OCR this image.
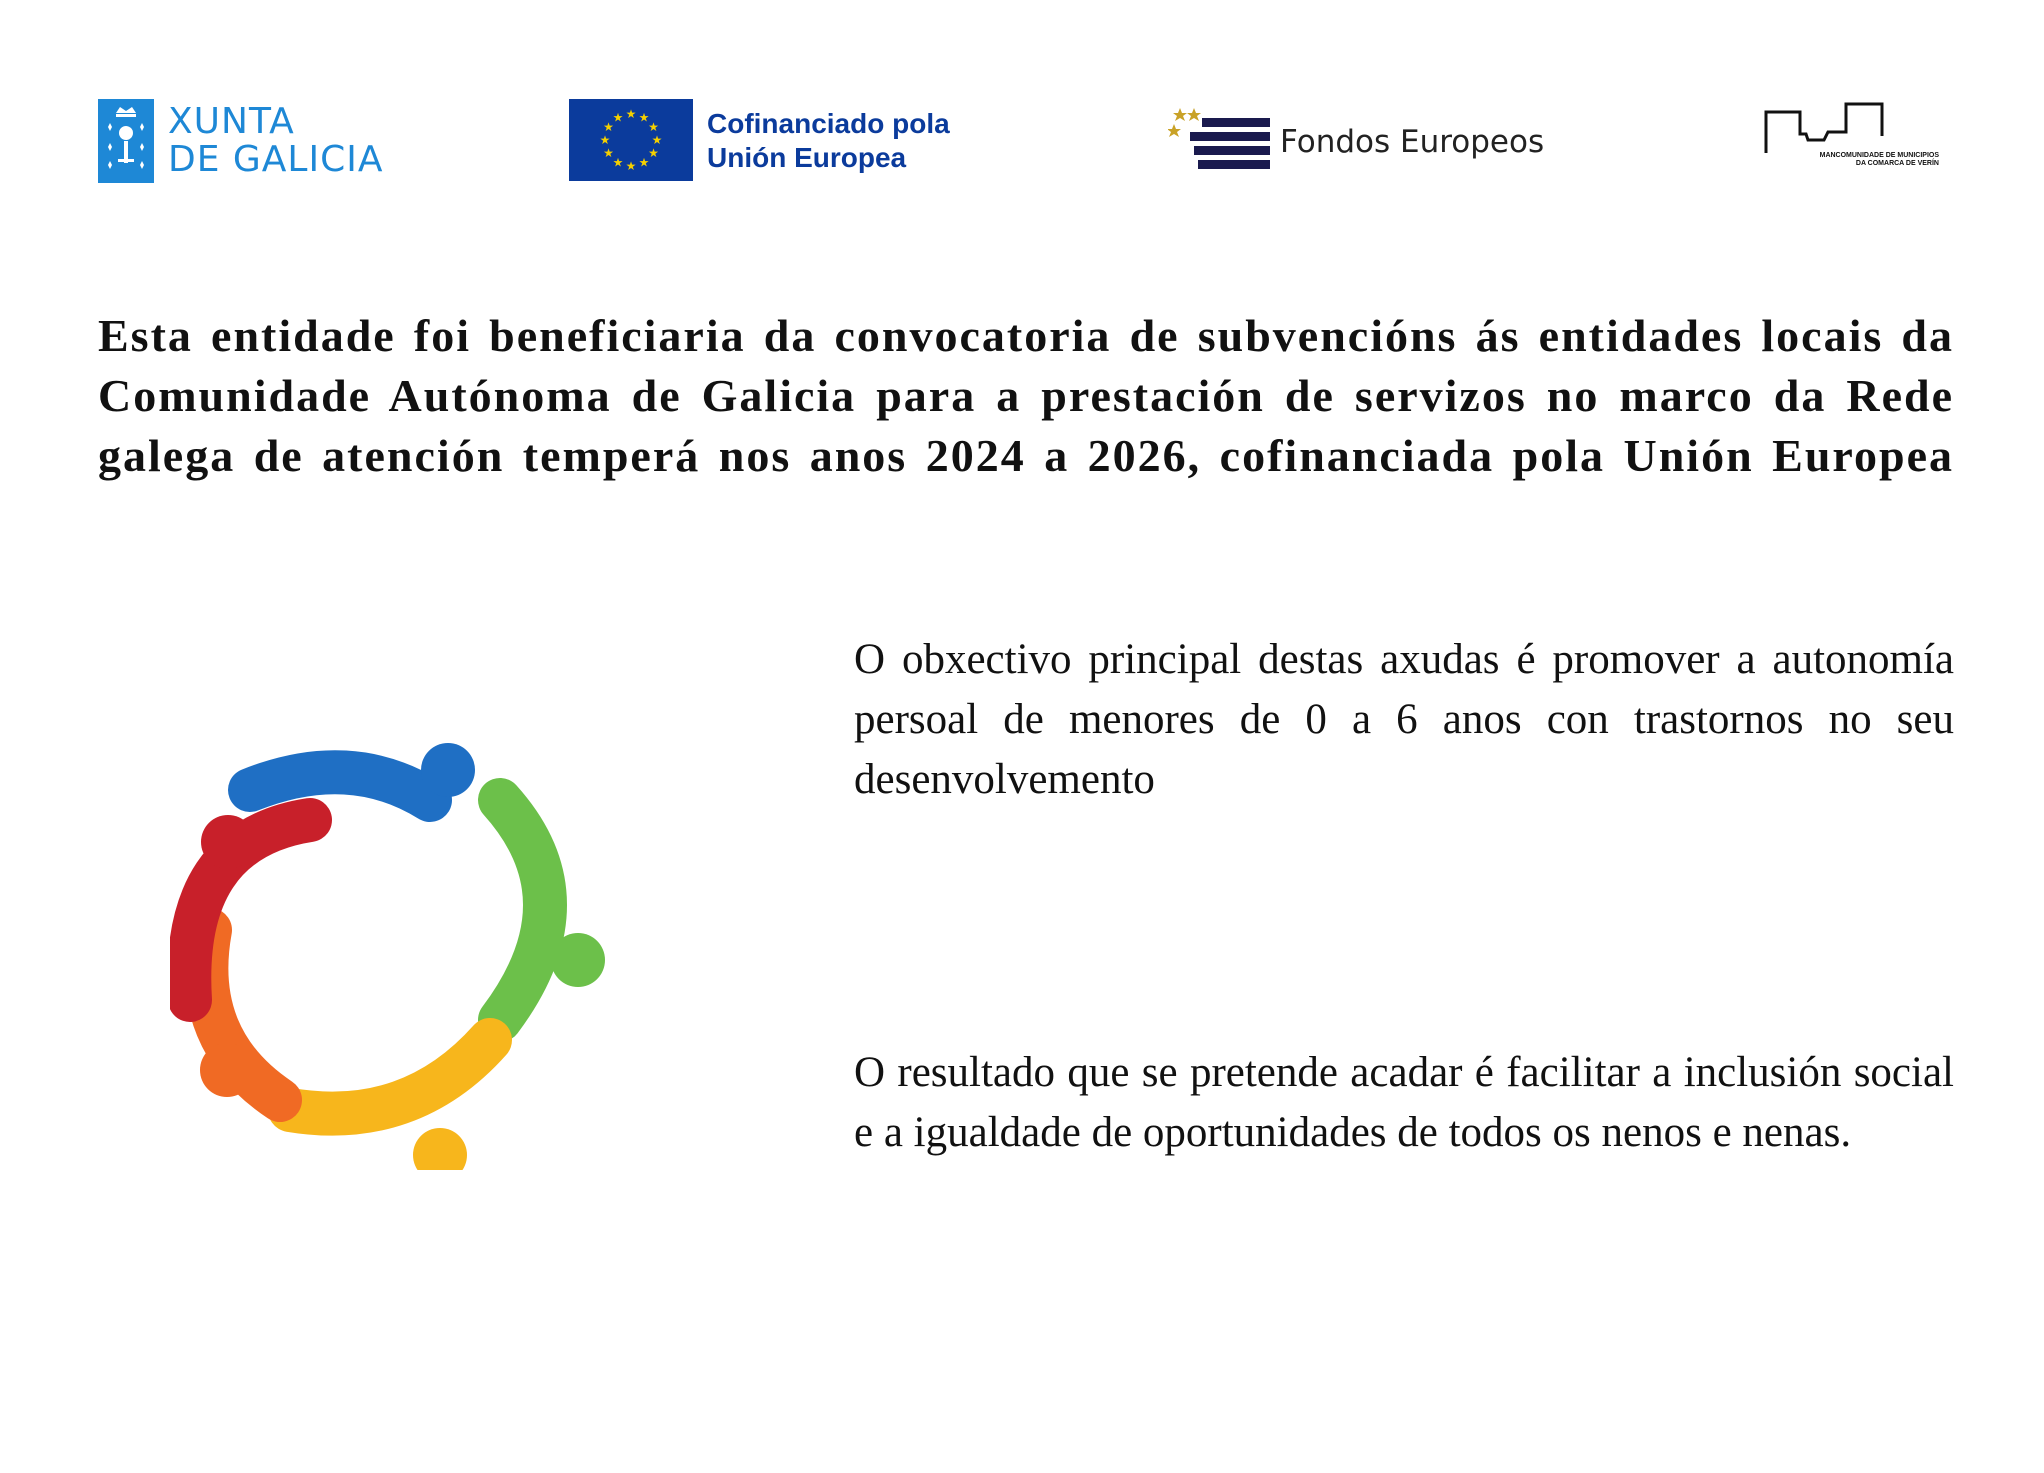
XUNTA
DE GALICIA
★ ★
★
★
★
★
★
★
★
★
★
★	Cofinanciado pola
Unión Europea	Fondos Europeos	MANCOMUNIDADE DE MUNICIPIOS
DA COMARCA DE VERÍN

Esta entidade foi beneficiaria da convocatoria de subvencións ás entidades locais da Comunidade Autónoma de Galicia para a prestación de servizos no marco da Rede galega de atención temperá nos anos 2024 a 2026, cofinanciada pola Unión Europea

O obxectivo principal destas axudas é promover a autonomía persoal de menores de 0 a 6 anos con trastornos no seu desenvolvemento

O resultado que se pretende acadar é facilitar a inclusión social e a igualdade de oportunidades de todos os nenos e nenas.
